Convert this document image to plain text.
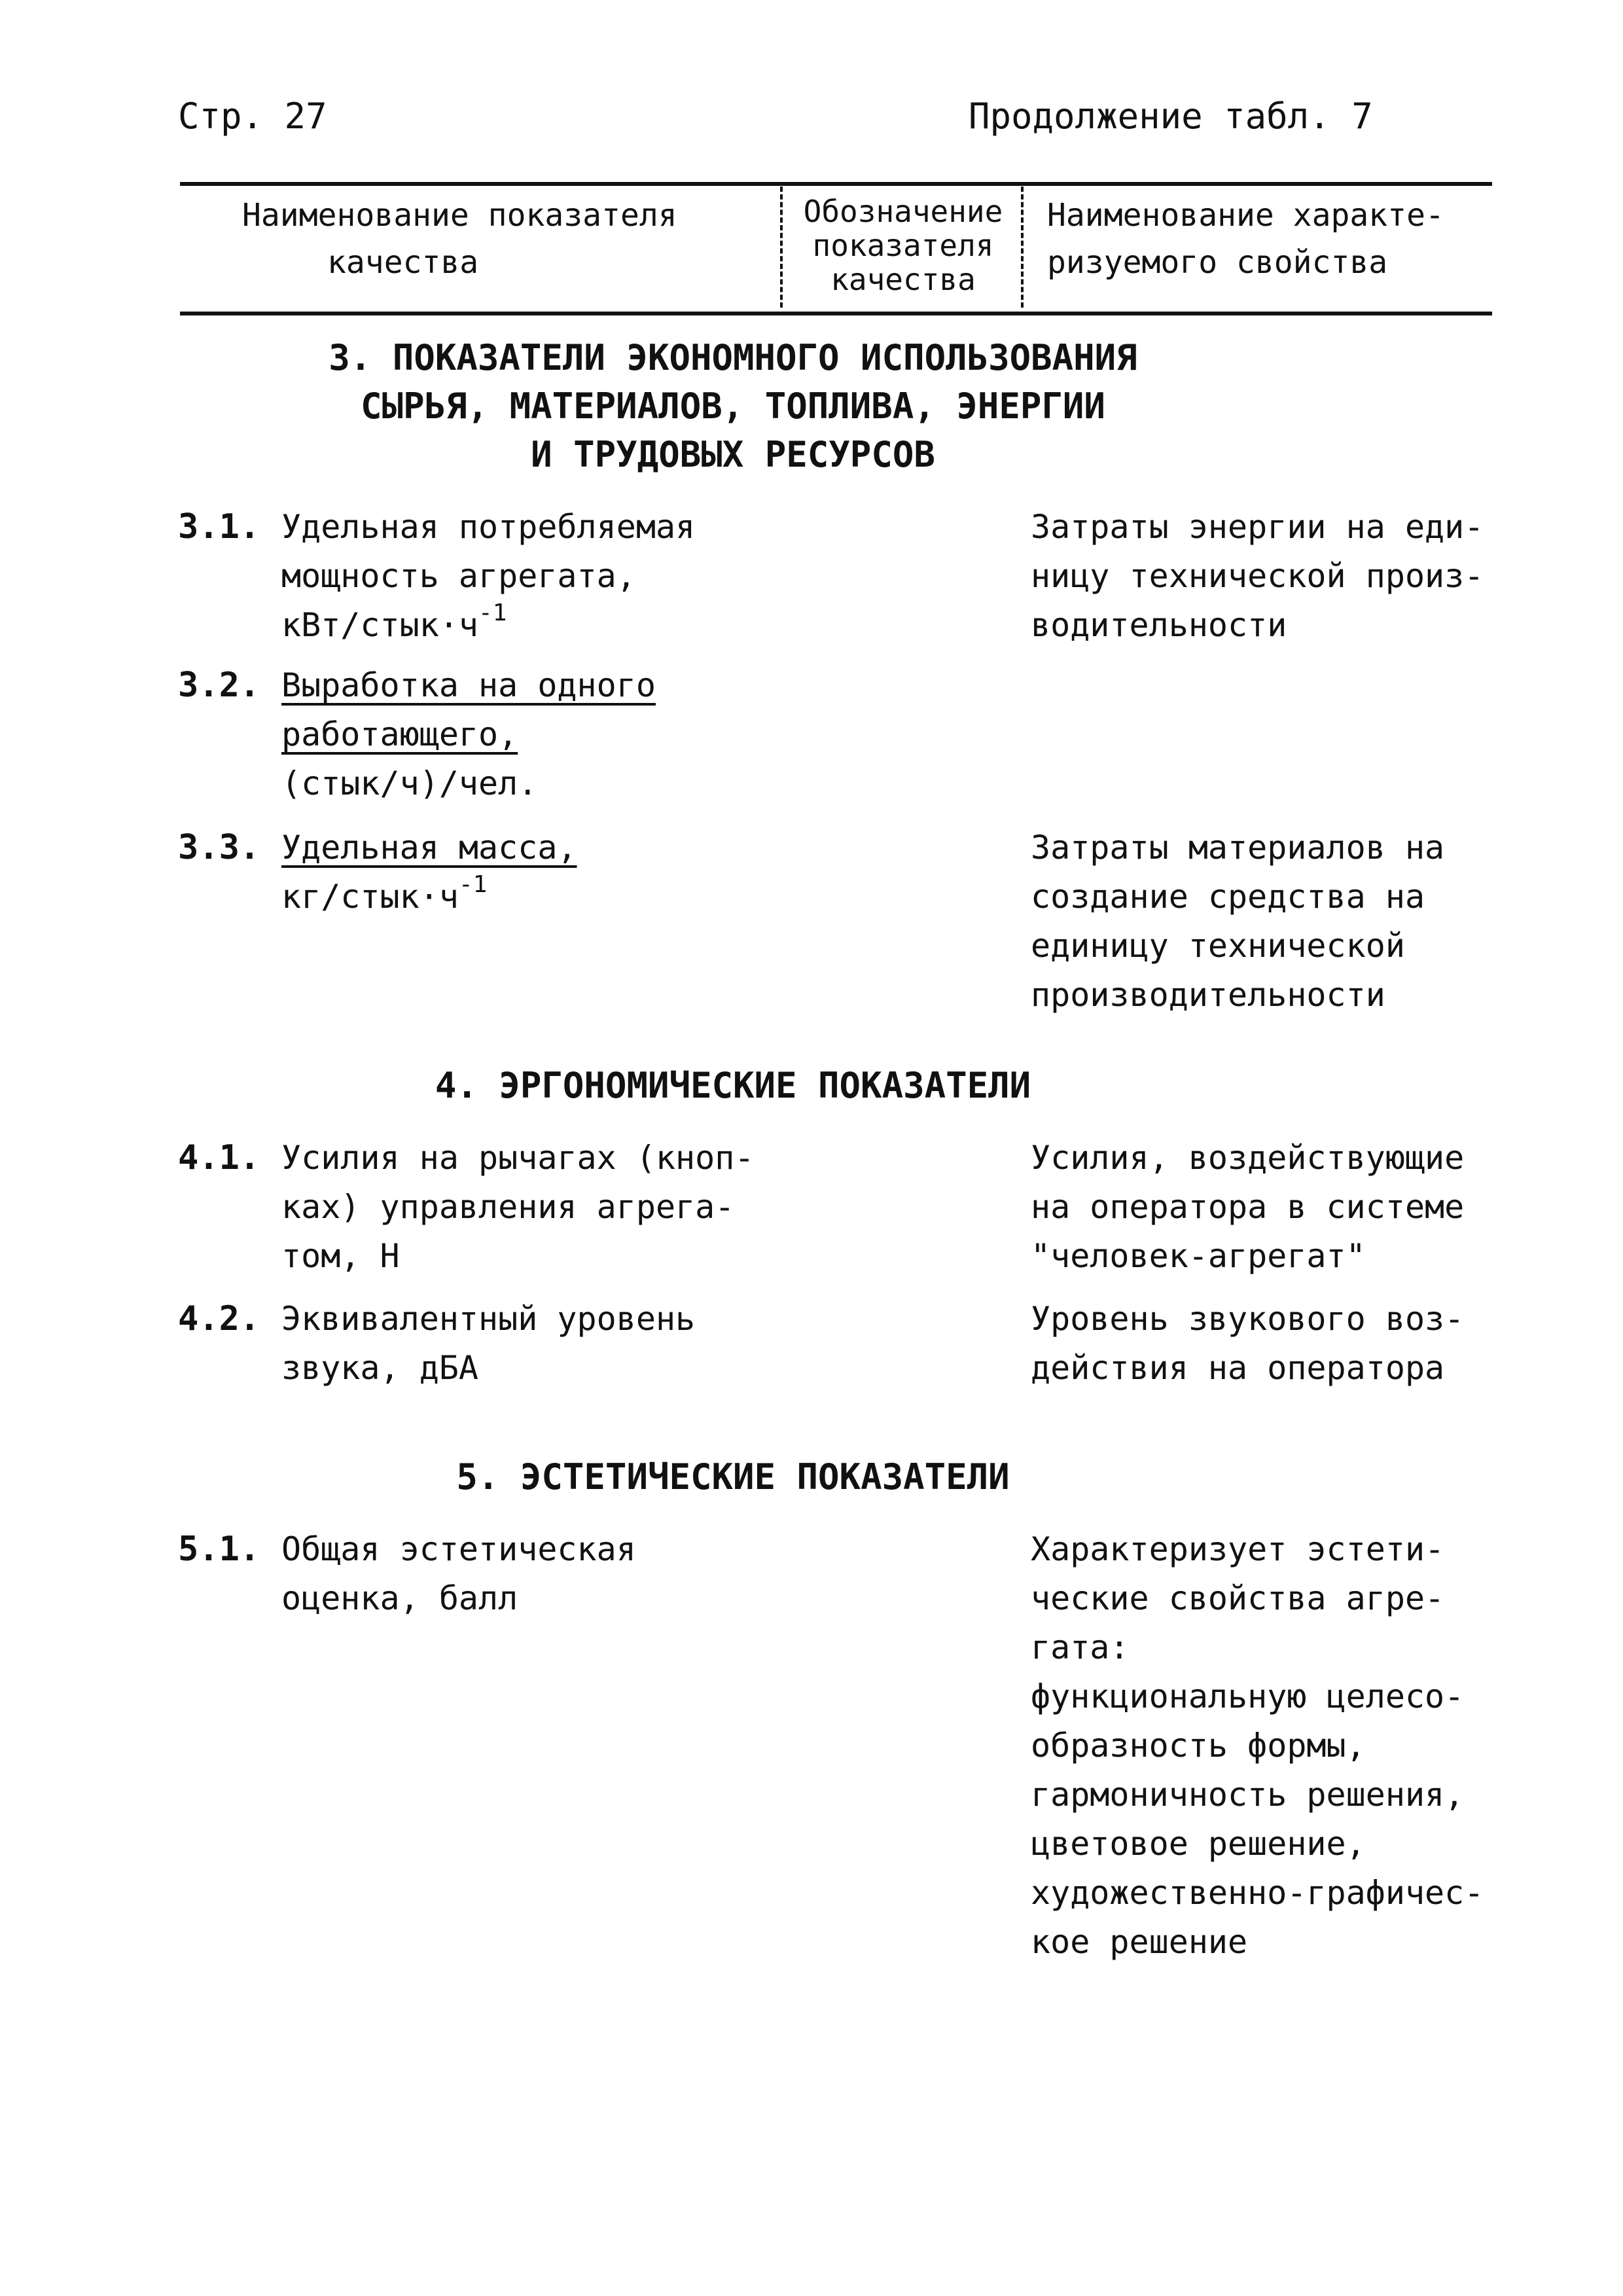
Стр. 27	Продолжение табл. 7
Наименование показателя
качества
Обозначение
показателя
качества
Наименование характе-
ризуемого свойства
3. ПОКАЗАТЕЛИ ЭКОНОМНОГО ИСПОЛЬЗОВАНИЯ
СЫРЬЯ, МАТЕРИАЛОВ, ТОПЛИВА, ЭНЕРГИИ
И ТРУДОВЫХ РЕСУРСОВ
3.1. Удельная потребляемая
мощность агрегата,
кВт/$стык\cdot ч^{-1}$
Затраты энергии на еди-
ницу технической произ-
водительности
3.2. Выработка на одного
работающего,
(стык/ч)/чел.
3.3. Удельная масса,
$кг/стык\cdot ч^{-1}$
Затраты материалов на
создание средства на
единицу технической
производительности
4. ЭРГОНОМИЧЕСКИЕ ПОКАЗАТЕЛИ
4.1. Усилия на рычагах (кноп-
ках) управления агрега-
том, Н
Усилия, воздействующие
на оператора в системе
"человек-агрегат"
4.2. Эквивалентный уровень
звука, дБА
Уровень звукового воз-
действия на оператора
5. ЭСТЕТИЧЕСКИЕ ПОКАЗАТЕЛИ
5.1. Общая эстетическая
оценка, балл
Характеризует эстети-
ческие свойства агре-
гата:
функциональную целесо-
образность формы,
гармоничность решения,
цветовое решение,
художественно-графичес-
кое решение
